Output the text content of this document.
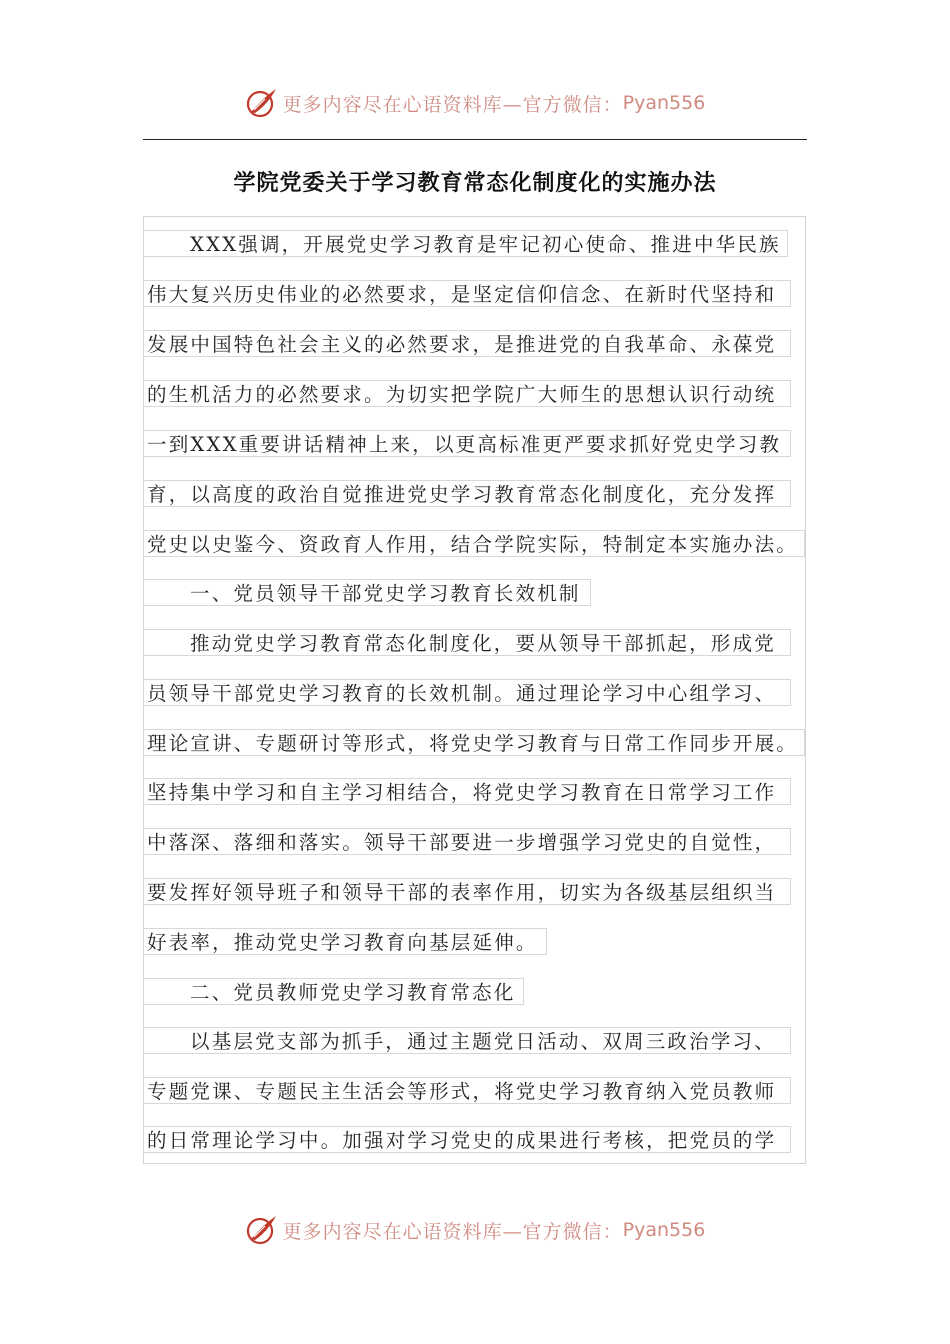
更多内容尽在心语资料库—官方微信： Pyan556
学院党委关于学习教育常态化制度化的实施办法
XXX强调，开展党史学习教育是牢记初心使命、推进中华民族
伟大复兴历史伟业的必然要求，是坚定信仰信念、在新时代坚持和
发展中国特色社会主义的必然要求，是推进党的自我革命、永葆党
的生机活力的必然要求。为切实把学院广大师生的思想认识行动统
一到XXX重要讲话精神上来，以更高标准更严要求抓好党史学习教
育，以高度的政治自觉推进党史学习教育常态化制度化，充分发挥
党史以史鉴今、资政育人作用，结合学院实际，特制定本实施办法。
一、党员领导干部党史学习教育长效机制
推动党史学习教育常态化制度化，要从领导干部抓起，形成党
员领导干部党史学习教育的长效机制。通过理论学习中心组学习、
理论宣讲、专题研讨等形式，将党史学习教育与日常工作同步开展。
坚持集中学习和自主学习相结合，将党史学习教育在日常学习工作
中落深、落细和落实。领导干部要进一步增强学习党史的自觉性，
要发挥好领导班子和领导干部的表率作用，切实为各级基层组织当
好表率，推动党史学习教育向基层延伸。
二、党员教师党史学习教育常态化
以基层党支部为抓手，通过主题党日活动、双周三政治学习、
专题党课、专题民主生活会等形式，将党史学习教育纳入党员教师
的日常理论学习中。加强对学习党史的成果进行考核，把党员的学
更多内容尽在心语资料库—官方微信： Pyan556
